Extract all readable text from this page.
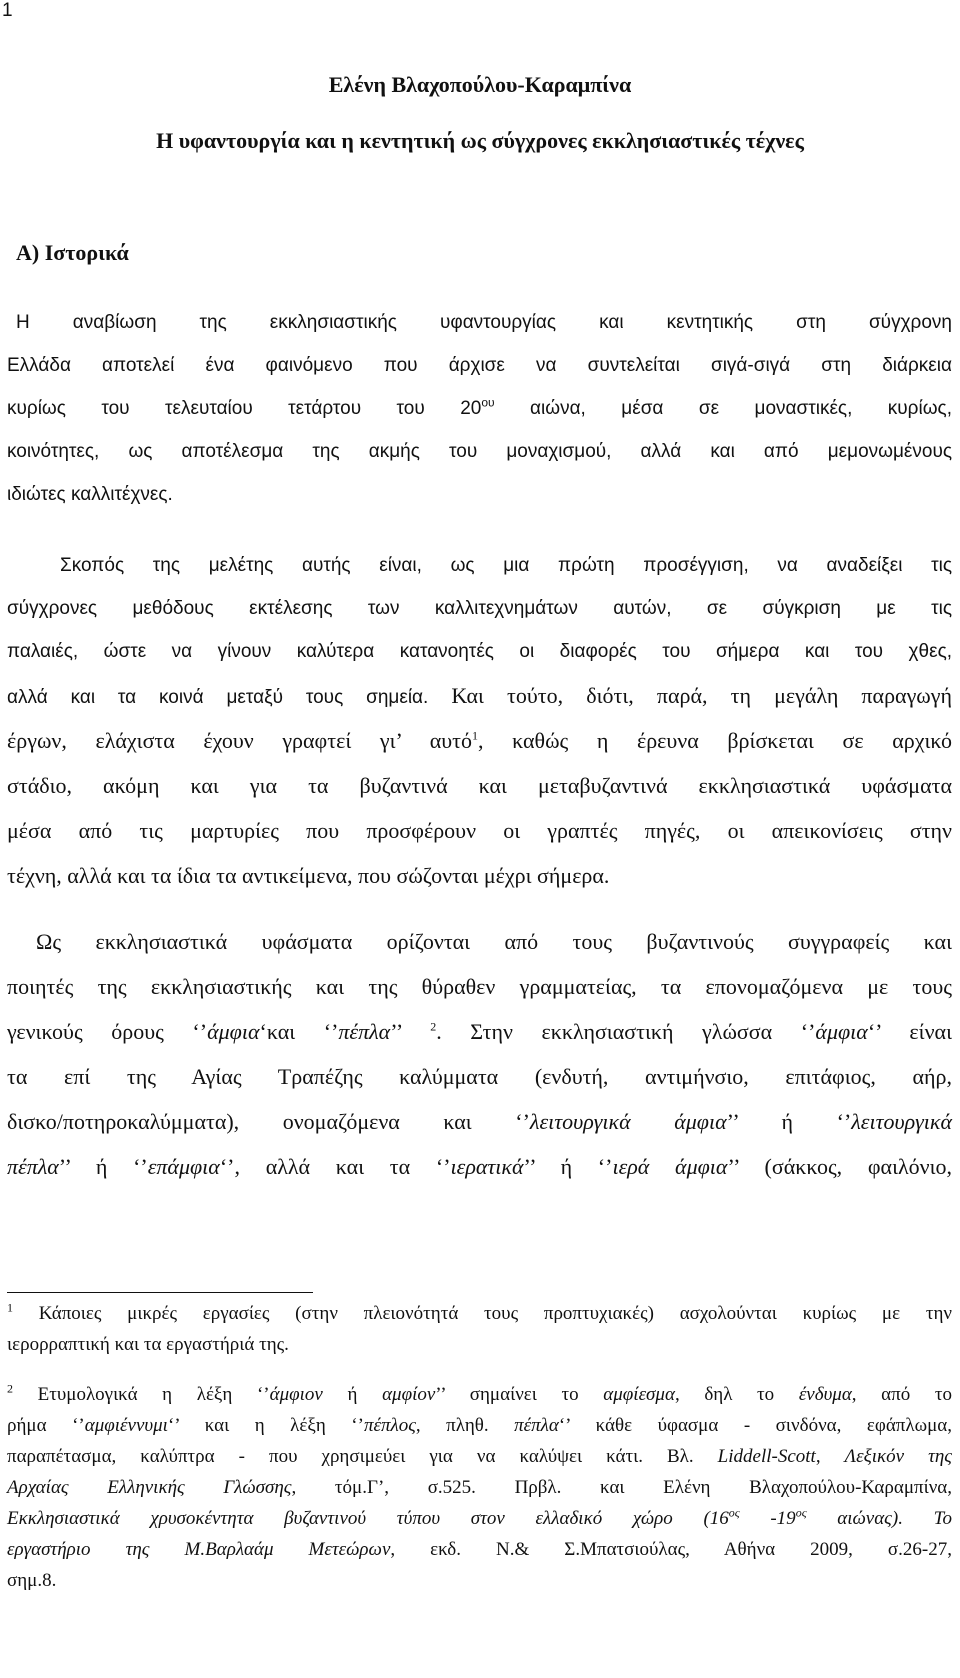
1
Ελένη Βλαχοπούλου-Καραμπίνα
Η υφαντουργία και η κεντητική ως σύγχρονες εκκλησιαστικές τέχνες
Α) Ιστορικά
Η αναβίωση της εκκλησιαστικής υφαντουργίας και κεντητικής στη σύγχρονη
Ελλάδα αποτελεί ένα φαινόμενο που άρχισε να συντελείται σιγά-σιγά στη διάρκεια
κυρίως του τελευταίου τετάρτου του $20^{o\upsilon}$ αιώνα, μέσα σε μοναστικές, κυρίως,
κοινότητες, ως αποτέλεσμα της ακμής του μοναχισμού, αλλά και από μεμονωμένους
ιδιώτες καλλιτέχνες.
Σκοπός της μελέτης αυτής είναι, ως μια πρώτη προσέγγιση, να αναδείξει τις
σύγχρονες μεθόδους εκτέλεσης των καλλιτεχνημάτων αυτών, σε σύγκριση με τις
παλαιές, ώστε να γίνουν καλύτερα κατανοητές οι διαφορές του σήμερα και του χθες,
αλλά και τα κοινά μεταξύ τους σημεία. Και τούτο, διότι, παρά, τη μεγάλη παραγωγή
έργων, ελάχιστα έχουν γραφτεί γι’ αυτό$^1$, καθώς η έρευνα βρίσκεται σε αρχικό
στάδιο, ακόμη και για τα βυζαντινά και μεταβυζαντινά εκκλησιαστικά υφάσματα
μέσα από τις μαρτυρίες που προσφέρουν οι γραπτές πηγές, οι απεικονίσεις στην
τέχνη, αλλά και τα ίδια τα αντικείμενα, που σώζονται μέχρι σήμερα.
Ως εκκλησιαστικά υφάσματα ορίζονται από τους βυζαντινούς συγγραφείς και
ποιητές της εκκλησιαστικής και της θύραθεν γραμματείας, τα επονομαζόμενα με τους
γενικούς όρους ‘’άμφια‘και ‘’πέπλα’’ $^2$. Στην εκκλησιαστική γλώσσα ‘’άμφια‘’ είναι
τα επί της Αγίας Τραπέζης καλύμματα (ενδυτή, αντιμήνσιο, επιτάφιος, αήρ,
δισκο/ποτηροκαλύμματα), ονομαζόμενα και ‘’λειτουργικά άμφια’’ ή ‘’λειτουργικά
πέπλα’’ ή ‘’επάμφια‘’, αλλά και τα ‘’ιερατικά’’ ή ‘’ιερά άμφια’’ (σάκκος, φαιλόνιο,
$^1$ Κάποιες μικρές εργασίες (στην πλειονότητά τους προπτυχιακές) ασχολούνται κυρίως με την
ιερορραπτική και τα εργαστήριά της.
$^2$ Ετυμολογικά η λέξη ‘’άμφιον ή αμφίον’’ σημαίνει το αμφίεσμα, δηλ το ένδυμα, από το
ρήμα ‘’αμφιέννυμι‘’ και η λέξη ‘’πέπλος, πληθ. πέπλα‘’ κάθε ύφασμα - σινδόνα, εφάπλωμα,
παραπέτασμα, καλύπτρα - που χρησιμεύει για να καλύψει κάτι. Βλ. Liddell-Scott, Λεξικόν της
Αρχαίας Ελληνικής Γλώσσης, τόμ.Γ’, σ.525. Πρβλ. και Ελένη Βλαχοπούλου-Καραμπίνα,
Εκκλησιαστικά χρυσοκέντητα βυζαντινού τύπου στον ελλαδικό χώρο ($16^{o\varsigma}$ $-19^{o\varsigma}$ αιώνας). Το
εργαστήριο της Μ.Βαρλαάμ Μετεώρων, εκδ. Ν.& Σ.Μπατσιούλας, Αθήνα 2009, σ.26-27,
σημ.8.
